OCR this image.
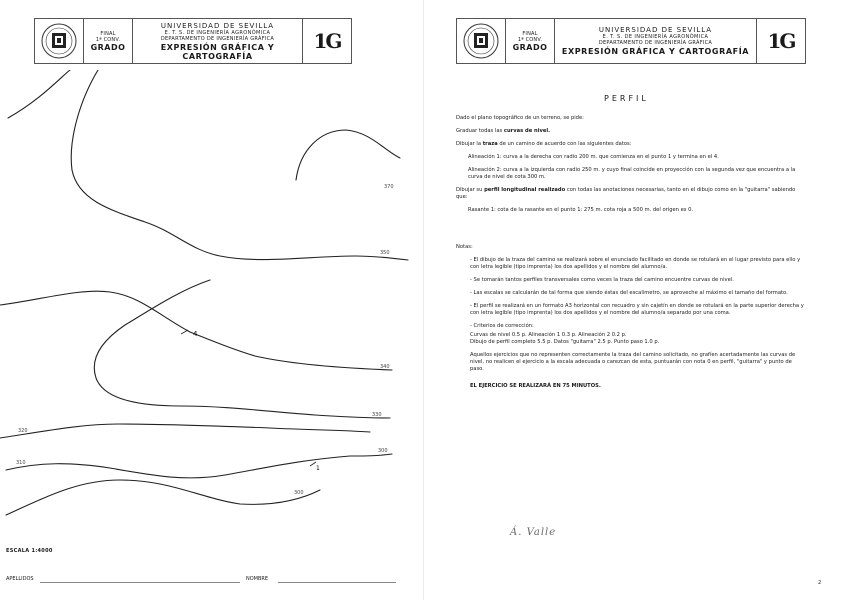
FINAL
1ª CONV.
GRADO
UNIVERSIDAD DE SEVILLA
E. T. S. DE INGENIERÍA AGRONÓMICA
DEPARTAMENTO DE INGENIERÍA GRÁFICA
EXPRESIÓN GRÁFICA Y CARTOGRAFÍA
1G
370
350
340
330
320
310
300
300
4
1
ESCALA 1:4000
APELLIDOS	NOMBRE
FINAL
1ª CONV.
GRADO
UNIVERSIDAD DE SEVILLA
E. T. S. DE INGENIERÍA AGRONÓMICA
DEPARTAMENTO DE INGENIERÍA GRÁFICA
EXPRESIÓN GRÁFICA Y CARTOGRAFÍA 1G
PERFIL

Dado el plano topográfico de un terreno, se pide:

Graduar todas las curvas de nivel.

Dibujar la traza de un camino de acuerdo con las siguientes datos:

Alineación 1: curva a la derecha con radio 200 m. que comienza en el punto 1 y termina en el 4.

Alineación 2: curva a la izquierda con radio 250 m. y cuyo final coincide en proyección con la segunda vez que encuentra a la curva de nivel de cota 300 m.

Dibujar su perfil longitudinal realizado con todas las anotaciones necesarias, tanto en el dibujo como en la "guitarra" sabiendo que:

Rasante 1: cota de la rasante en el punto 1: 275 m. cota roja a 500 m. del origen es 0.

Notas:

- El dibujo de la traza del camino se realizará sobre el enunciado facilitado en donde se rotulará en el lugar previsto para ello y con letra legible (tipo imprenta) los dos apellidos y el nombre del alumno/a.

- Se tomarán tantos perfiles transversales como veces la traza del camino encuentre curvas de nivel.

- Las escalas se calcularán de tal forma que siendo éstas del escalímetro, se aproveche al máximo el tamaño del formato.

- El perfil se realizará en un formato A3 horizontal con recuadro y sin cajetín en donde se rotulará en la parte superior derecha y con letra legible (tipo imprenta) los dos apellidos y el nombre del alumno/a separado por una coma.

- Criterios de corrección:

Curvas de nivel 0.5 p. Alineación 1 0.3 p. Alineación 2 0.2 p.

Dibujo de perfil completo 5.5 p. Datos "guitarra" 2.5 p. Punto paso 1.0 p.

Aquellos ejercicios que no representen correctamente la traza del camino solicitado, no grafíen acertadamente las curvas de nivel, no realicen el ejercicio a la escala adecuada o carezcan de esta, puntuarán con nota 0 en perfil, "guitarra" y punto de paso.

EL EJERCICIO SE REALIZARÁ EN 75 MINUTOS.

Á. Valle
2
